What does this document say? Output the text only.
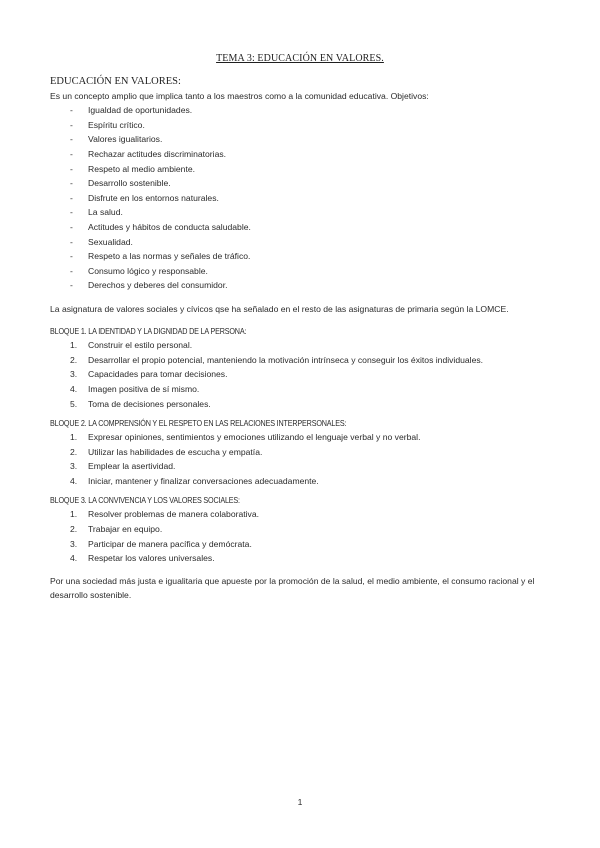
TEMA 3: EDUCACIÓN EN VALORES.

EDUCACIÓN EN VALORES:

Es un concepto amplio que implica tanto a los maestros como a la comunidad educativa. Objetivos:

- Igualdad de oportunidades.
- Espíritu crítico.
- Valores igualitarios.
- Rechazar actitudes discriminatorias.
- Respeto al medio ambiente.
- Desarrollo sostenible.
- Disfrute en los entornos naturales.
- La salud.
- Actitudes y hábitos de conducta saludable.
- Sexualidad.
- Respeto a las normas y señales de tráfico.
- Consumo lógico y responsable.
- Derechos y deberes del consumidor.

La asignatura de valores sociales y cívicos qse ha señalado en el resto de las asignaturas de primaria según la LOMCE.

BLOQUE 1. LA IDENTIDAD Y LA DIGNIDAD DE LA PERSONA:

1. Construir el estilo personal.
2. Desarrollar el propio potencial, manteniendo la motivación intrínseca y conseguir los éxitos individuales.
3. Capacidades para tomar decisiones.
4. Imagen positiva de sí mismo.
5. Toma de decisiones personales.

BLOQUE 2. LA COMPRENSIÓN Y EL RESPETO EN LAS RELACIONES INTERPERSONALES:

1. Expresar opiniones, sentimientos y emociones utilizando el lenguaje verbal y no verbal.
2. Utilizar las habilidades de escucha y empatía.
3. Emplear la asertividad.
4. Iniciar, mantener y finalizar conversaciones adecuadamente.

BLOQUE 3. LA CONVIVENCIA Y LOS VALORES SOCIALES:

1. Resolver problemas de manera colaborativa.
2. Trabajar en equipo.
3. Participar de manera pacífica y demócrata.
4. Respetar los valores universales.

Por una sociedad más justa e igualitaria que apueste por la promoción de la salud, el medio ambiente, el consumo racional y el desarrollo sostenible.

1
